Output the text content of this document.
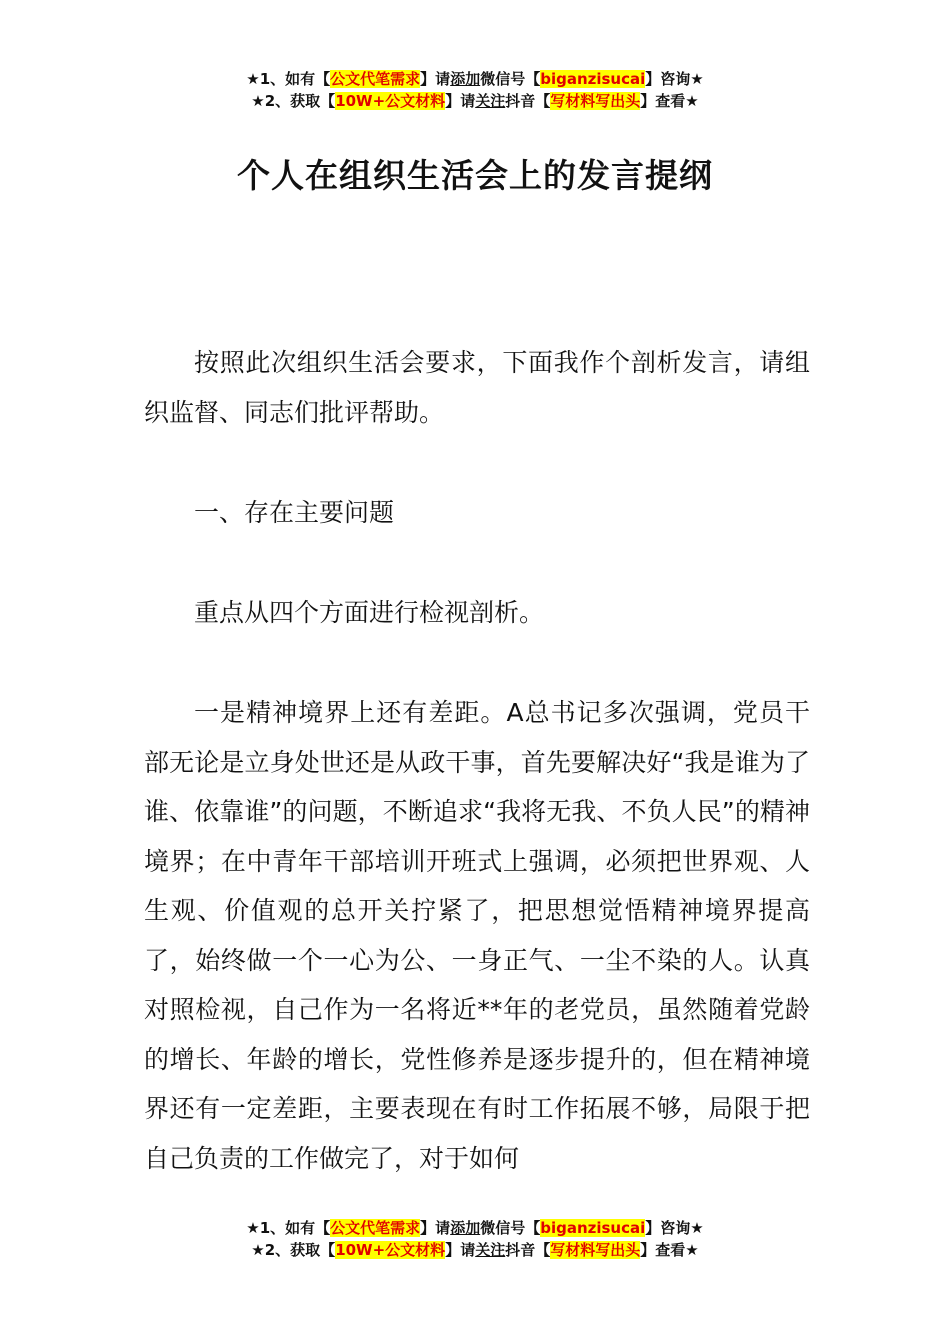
★1、如有【公文代笔需求】请添加微信号【biganzisucai】咨询★
★2、获取【10W+公文材料】请关注抖音【写材料写出头】查看★
个人在组织生活会上的发言提纲

按照此次组织生活会要求，下面我作个剖析发言，请组织监督、同志们批评帮助。

一、存在主要问题

重点从四个方面进行检视剖析。

一是精神境界上还有差距。A总书记多次强调，党员干部无论是立身处世还是从政干事，首先要解决好“我是谁为了谁、依靠谁”的问题，不断追求“我将无我、不负人民”的精神境界；在中青年干部培训开班式上强调，必须把世界观、人生观、价值观的总开关拧紧了，把思想觉悟精神境界提高了，始终做一个一心为公、一身正气、一尘不染的人。认真对照检视，自己作为一名将近**年的老党员，虽然随着党龄的增长、年龄的增长，党性修养是逐步提升的，但在精神境界还有一定差距，主要表现在有时工作拓展不够，局限于把自己负责的工作做完了，对于如何

★1、如有【公文代笔需求】请添加微信号【biganzisucai】咨询★
★2、获取【10W+公文材料】请关注抖音【写材料写出头】查看★
